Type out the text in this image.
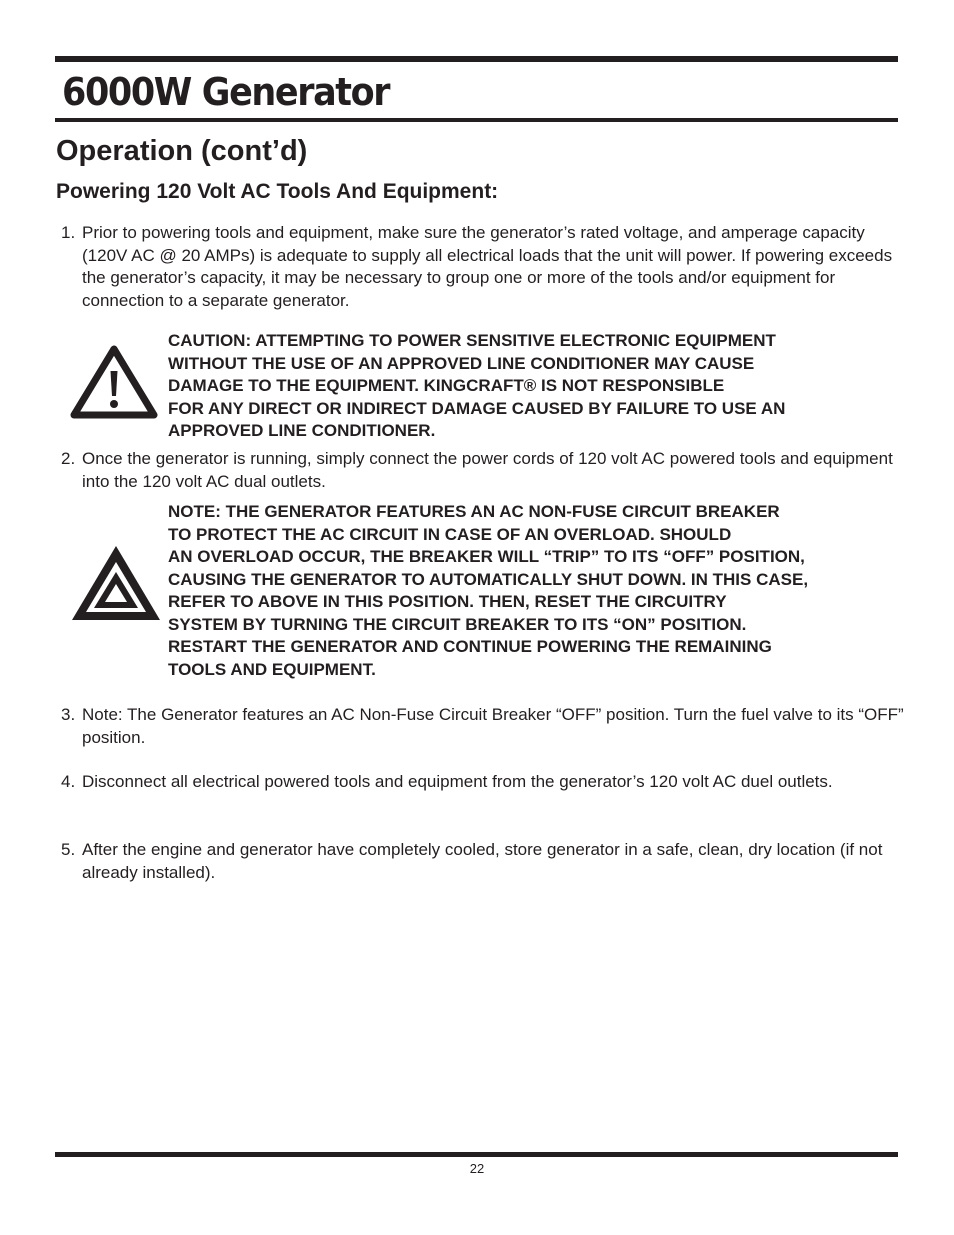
6000W Generator
Operation (cont’d)
Powering 120 Volt AC Tools And Equipment:
1. Prior to powering tools and equipment, make sure the generator’s rated voltage, and amperage capacity (120V AC @ 20 AMPs) is adequate to supply all electrical loads that the unit will power. If powering exceeds the generator’s capacity, it may be necessary to group one or more of the tools and/or equipment for connection to a separate generator.
CAUTION: ATTEMPTING TO POWER SENSITIVE ELECTRONIC EQUIPMENT
WITHOUT THE USE OF AN APPROVED LINE CONDITIONER MAY CAUSE
DAMAGE TO THE EQUIPMENT. KINGCRAFT® IS NOT RESPONSIBLE
FOR ANY DIRECT OR INDIRECT DAMAGE CAUSED BY FAILURE TO USE AN
APPROVED LINE CONDITIONER.
2. Once the generator is running, simply connect the power cords of 120 volt AC powered tools and equipment into the 120 volt AC dual outlets.
NOTE: THE GENERATOR FEATURES AN AC NON-FUSE CIRCUIT BREAKER
TO PROTECT THE AC CIRCUIT IN CASE OF AN OVERLOAD. SHOULD
AN OVERLOAD OCCUR, THE BREAKER WILL “TRIP” TO ITS “OFF” POSITION,
CAUSING THE GENERATOR TO AUTOMATICALLY SHUT DOWN. IN THIS CASE,
REFER TO ABOVE IN THIS POSITION. THEN, RESET THE CIRCUITRY
SYSTEM BY TURNING THE CIRCUIT BREAKER TO ITS “ON” POSITION.
RESTART THE GENERATOR AND CONTINUE POWERING THE REMAINING
TOOLS AND EQUIPMENT.
3. Note: The Generator features an AC Non-Fuse Circuit Breaker “OFF” position. Turn the fuel valve to its “OFF” position.
4. Disconnect all electrical powered tools and equipment from the generator’s 120 volt AC duel outlets.
5. After the engine and generator have completely cooled, store generator in a safe, clean, dry location (if not already installed).
22
